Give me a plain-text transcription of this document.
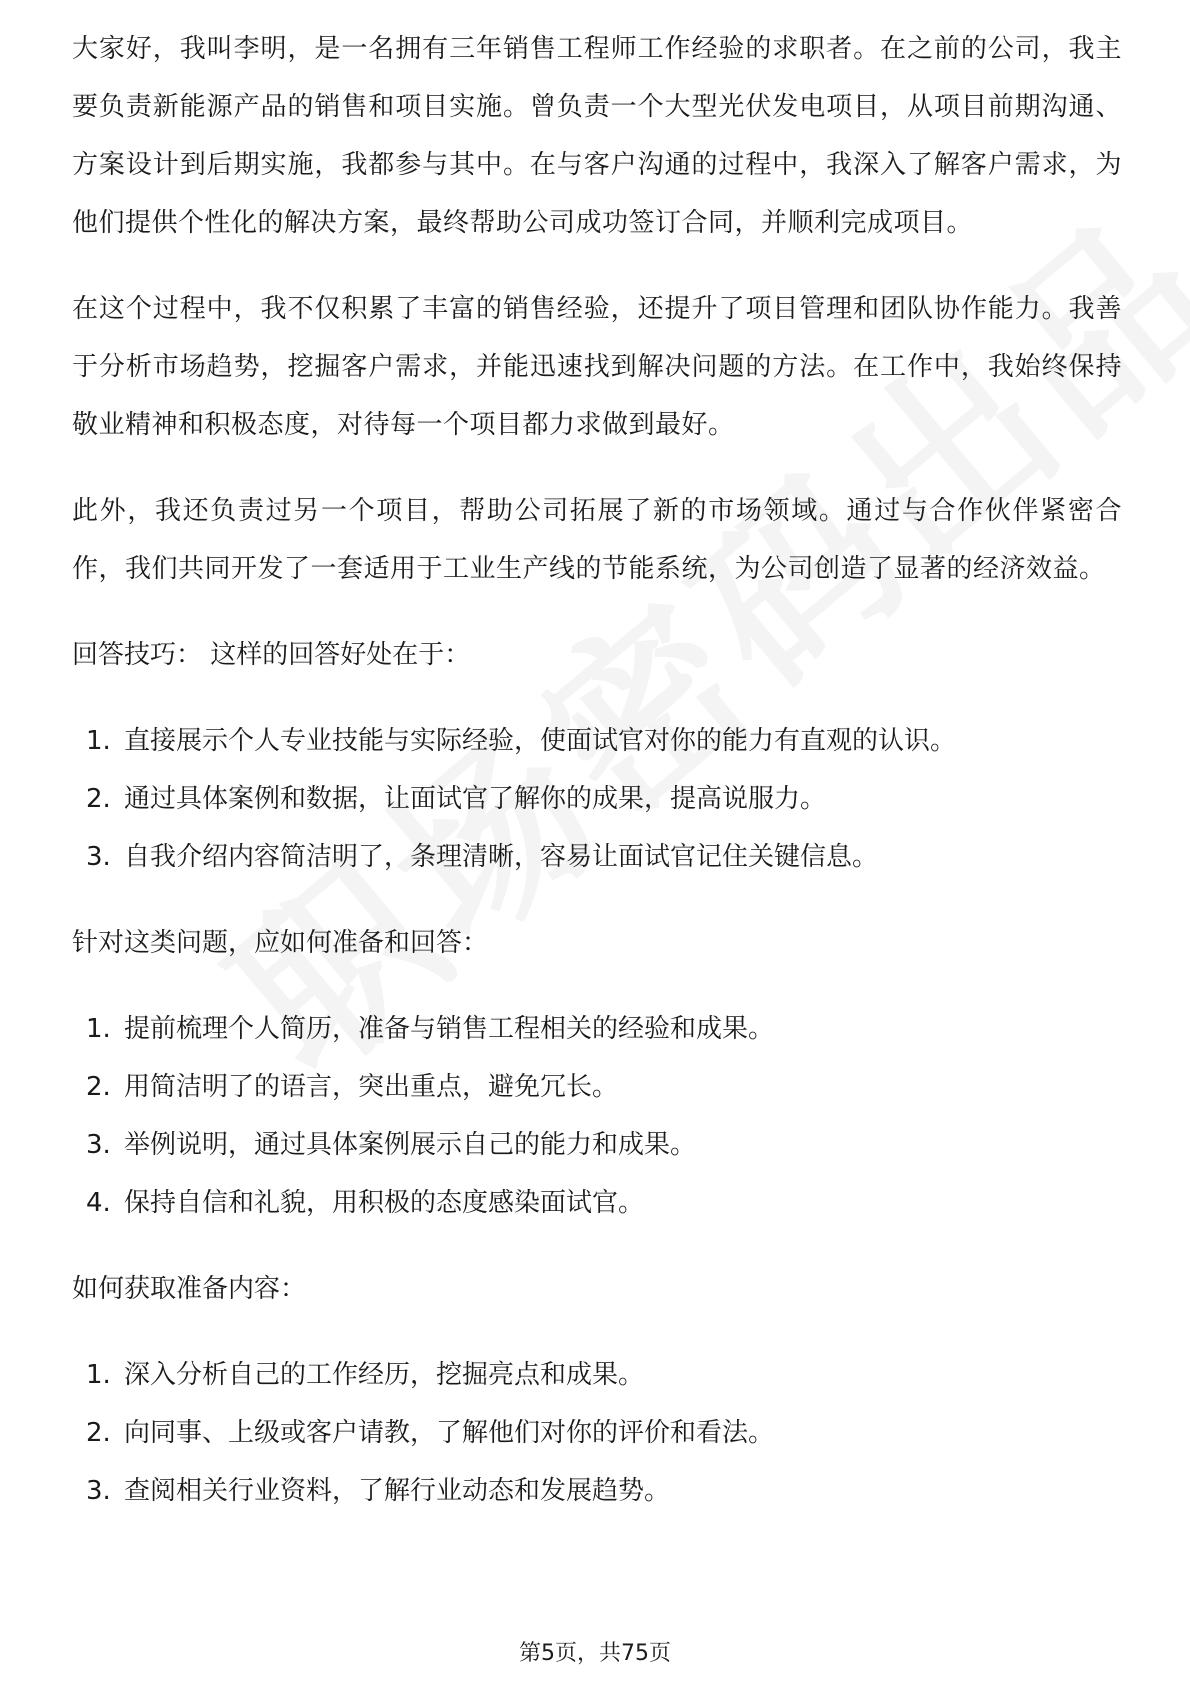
大家好，我叫李明，是一名拥有三年销售工程师工作经验的求职者。在之前的公司，我主要负责新能源产品的销售和项目实施。曾负责一个大型光伏发电项目，从项目前期沟通、方案设计到后期实施，我都参与其中。在与客户沟通的过程中，我深入了解客户需求，为他们提供个性化的解决方案，最终帮助公司成功签订合同，并顺利完成项目。

在这个过程中，我不仅积累了丰富的销售经验，还提升了项目管理和团队协作能力。我善于分析市场趋势，挖掘客户需求，并能迅速找到解决问题的方法。在工作中，我始终保持敬业精神和积极态度，对待每一个项目都力求做到最好。

此外，我还负责过另一个项目，帮助公司拓展了新的市场领域。通过与合作伙伴紧密合作，我们共同开发了一套适用于工业生产线的节能系统，为公司创造了显著的经济效益。

回答技巧： 这样的回答好处在于：

1. 直接展示个人专业技能与实际经验，使面试官对你的能力有直观的认识。
2. 通过具体案例和数据，让面试官了解你的成果，提高说服力。
3. 自我介绍内容简洁明了，条理清晰，容易让面试官记住关键信息。

针对这类问题，应如何准备和回答：

1. 提前梳理个人简历，准备与销售工程相关的经验和成果。
2. 用简洁明了的语言，突出重点，避免冗长。
3. 举例说明，通过具体案例展示自己的能力和成果。
4. 保持自信和礼貌，用积极的态度感染面试官。

如何获取准备内容：

1. 深入分析自己的工作经历，挖掘亮点和成果。
2. 向同事、上级或客户请教，了解他们对你的评价和看法。
3. 查阅相关行业资料，了解行业动态和发展趋势。
第5页，共75页
